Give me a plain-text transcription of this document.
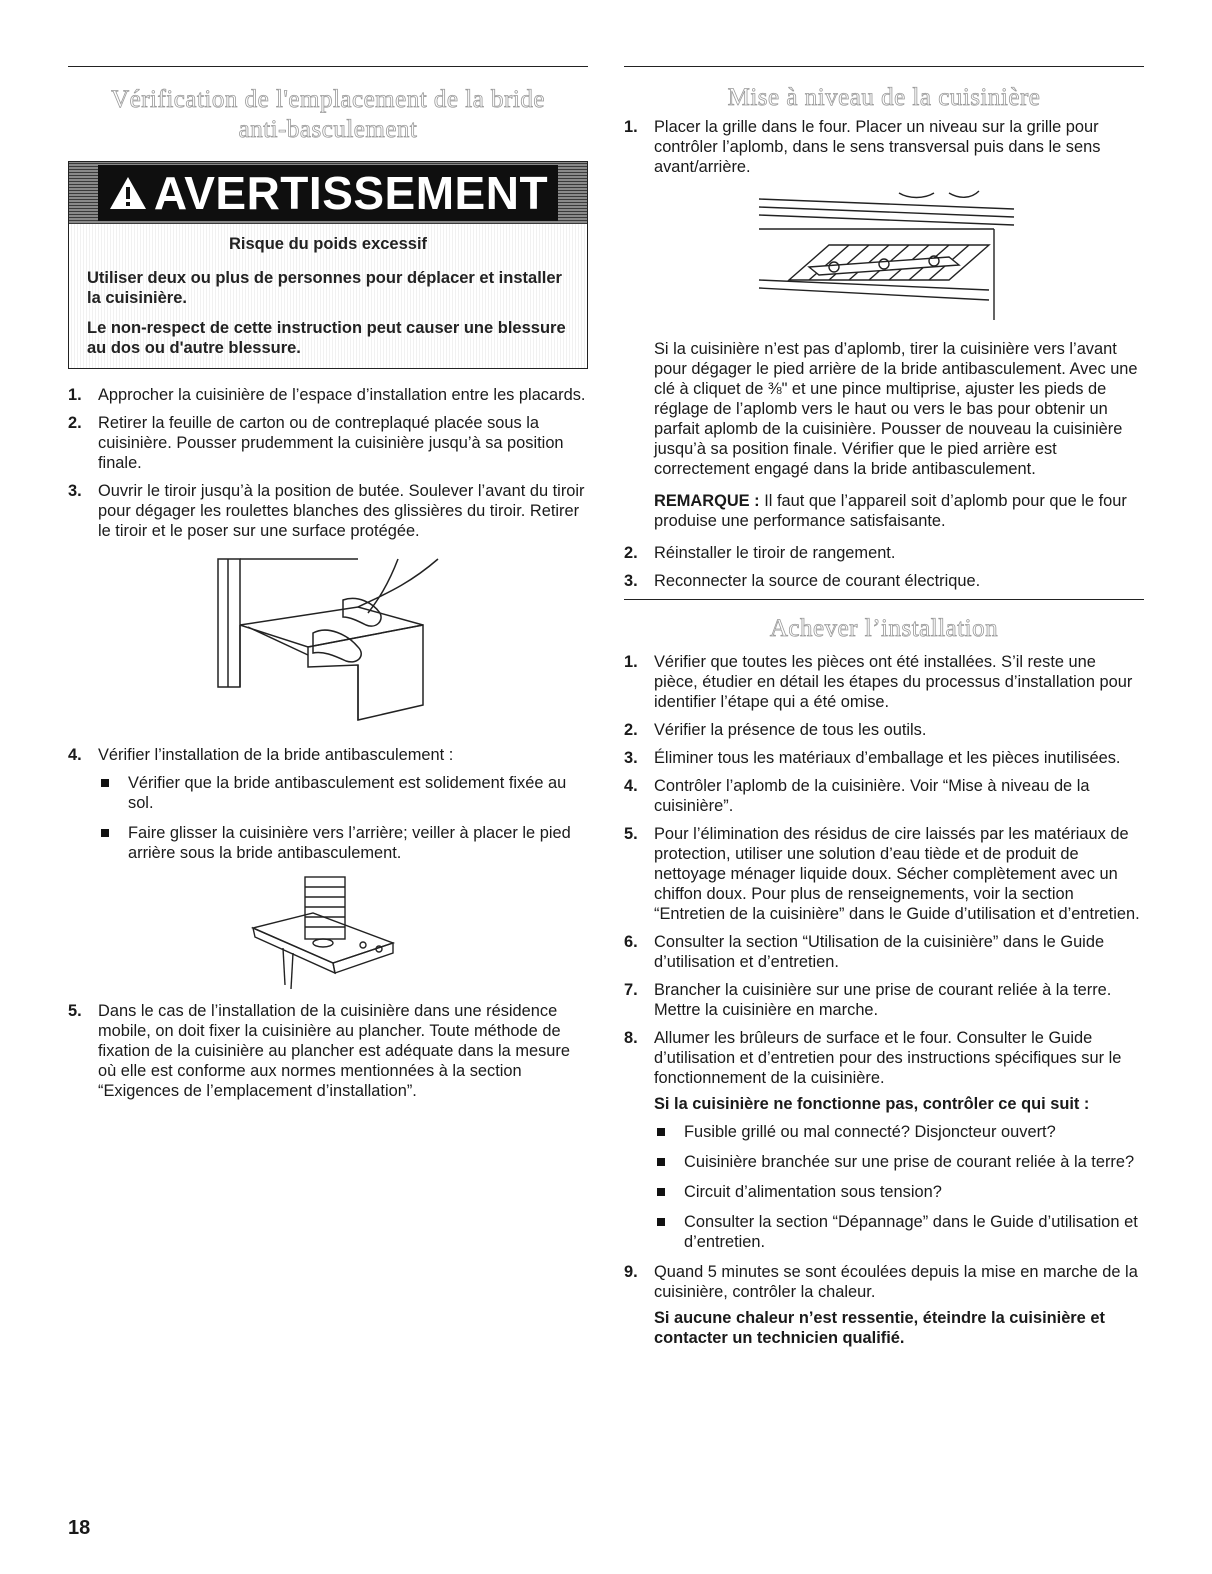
Vérification de l'emplacement de la bride
anti-basculement
AVERTISSEMENT

Risque du poids excessif

Utiliser deux ou plus de personnes pour déplacer et installer la cuisinière.

Le non-respect de cette instruction peut causer une blessure au dos ou d'autre blessure.

1. Approcher la cuisinière de l’espace d’installation entre les placards.
2. Retirer la feuille de carton ou de contreplaqué placée sous la cuisinière. Pousser prudemment la cuisinière jusqu’à sa position finale.
3. Ouvrir le tiroir jusqu’à la position de butée. Soulever l’avant du tiroir pour dégager les roulettes blanches des glissières du tiroir. Retirer le tiroir et le poser sur une surface protégée.
4. Vérifier l’installation de la bride antibasculement :
Vérifier que la bride antibasculement est solidement fixée au sol.
Faire glisser la cuisinière vers l’arrière; veiller à placer le pied arrière sous la bride antibasculement.
5. Dans le cas de l’installation de la cuisinière dans une résidence mobile, on doit fixer la cuisinière au plancher. Toute méthode de fixation de la cuisinière au plancher est adéquate dans la mesure où elle est conforme aux normes mentionnées à la section “Exigences de l’emplacement d’installation”.
Mise à niveau de la cuisinière
1. Placer la grille dans le four. Placer un niveau sur la grille pour contrôler l’aplomb, dans le sens transversal puis dans le sens avant/arrière.

Si la cuisinière n’est pas d’aplomb, tirer la cuisinière vers l’avant pour dégager le pied arrière de la bride antibasculement. Avec une clé à cliquet de ⅜" et une pince multiprise, ajuster les pieds de réglage de l’aplomb vers le haut ou vers le bas pour obtenir un parfait aplomb de la cuisinière. Pousser de nouveau la cuisinière jusqu’à sa position finale. Vérifier que le pied arrière est correctement engagé dans la bride antibasculement.

REMARQUE : Il faut que l’appareil soit d’aplomb pour que le four produise une performance satisfaisante.

2. Réinstaller le tiroir de rangement.
3. Reconnecter la source de courant électrique.
Achever l’installation
1. Vérifier que toutes les pièces ont été installées. S’il reste une pièce, étudier en détail les étapes du processus d’installation pour identifier l’étape qui a été omise.
2. Vérifier la présence de tous les outils.
3. Éliminer tous les matériaux d’emballage et les pièces inutilisées.
4. Contrôler l’aplomb de la cuisinière. Voir “Mise à niveau de la cuisinière”.
5. Pour l’élimination des résidus de cire laissés par les matériaux de protection, utiliser une solution d’eau tiède et de produit de nettoyage ménager liquide doux. Sécher complètement avec un chiffon doux. Pour plus de renseignements, voir la section “Entretien de la cuisinière” dans le Guide d’utilisation et d’entretien.
6. Consulter la section “Utilisation de la cuisinière” dans le Guide d’utilisation et d’entretien.
7. Brancher la cuisinière sur une prise de courant reliée à la terre. Mettre la cuisinière en marche.
8. Allumer les brûleurs de surface et le four. Consulter le Guide d’utilisation et d’entretien pour des instructions spécifiques sur le fonctionnement de la cuisinière.
Si la cuisinière ne fonctionne pas, contrôler ce qui suit :
Fusible grillé ou mal connecté? Disjoncteur ouvert?
Cuisinière branchée sur une prise de courant reliée à la terre?
Circuit d’alimentation sous tension?
Consulter la section “Dépannage” dans le Guide d’utilisation et d’entretien.
9. Quand 5 minutes se sont écoulées depuis la mise en marche de la cuisinière, contrôler la chaleur.
Si aucune chaleur n’est ressentie, éteindre la cuisinière et contacter un technicien qualifié.
18
